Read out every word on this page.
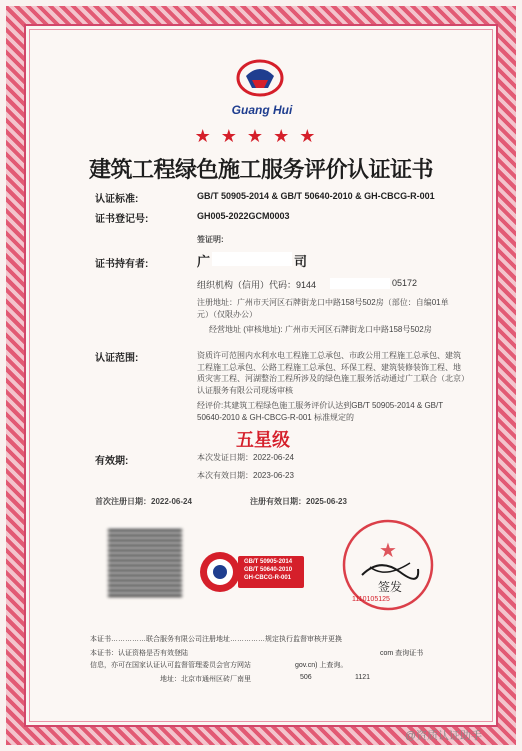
Guang Hui
★★★★★
建筑工程绿色施工服务评价认证证书
认证标准:	GB/T 50905-2014 & GB/T 50640-2010 & GH-CBCG-R-001
证书登记号:	GH005-2022GCM0003
签证明:
证书持有者:	广	司
组织机构（信用）代码：9144	05172
注册地址：广州市天河区石牌街龙口中路158号502房（部位：自编01单元）（仅限办公）
经营地址 (审核地址): 广州市天河区石牌街龙口中路158号502房
认证范围:	资质许可范围内水利水电工程施工总承包、市政公用工程施工总承包、建筑工程施工总承包、公路工程施工总承包、环保工程、建筑装修装饰工程、地质灾害工程、河湖整治工程所涉及的绿色施工服务活动通过广工联合（北京）认证服务有限公司现场审核
经评价:其建筑工程绿色施工服务评价认达到GB/T 50905-2014 & GB/T 50640-2010 & GH-CBCG-R-001 标准规定的
五星级
有效期:	本次发证日期：2022-06-24
本次有效日期：2023-06-23
首次注册日期：2022-06-24	注册有效日期：2025-06-23
GB/T 50905-2014
GB/T 50640-2010
GH-CBCG-R-001
★
签发
1110105125
本证书……………联合服务有限公司注册地址……………规定执行监督审核并更换
本证书：认证资格是否有效登陆	com 查询证书
信息，亦可在国家认证认可监督管理委员会官方网站	gov.cn) 上查询。
地址：北京市通州区砖厂南里	506	1121
@资质认证助手
